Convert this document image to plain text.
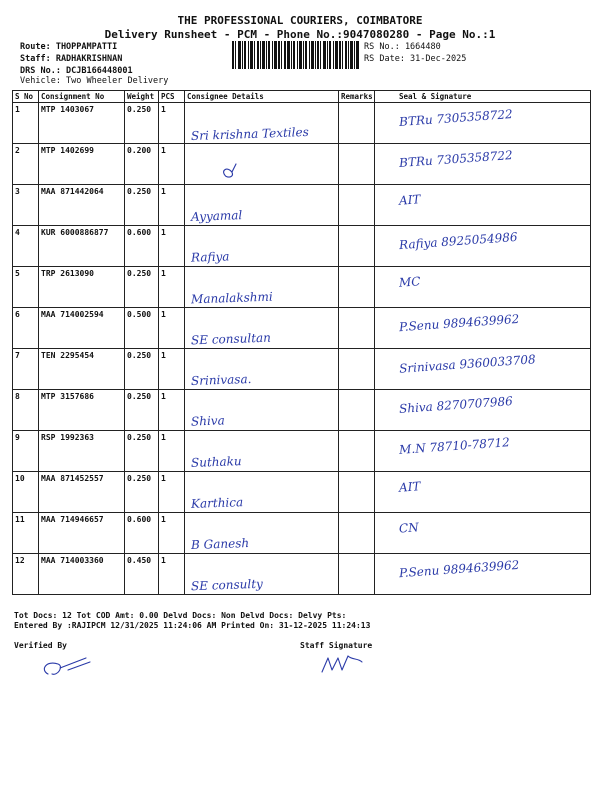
THE PROFESSIONAL COURIERS, COIMBATORE
Delivery Runsheet - PCM - Phone No.:9047080280 - Page No.:1
Route: THOPPAMPATTI
Staff: RADHAKRISHNAN
DRS No.: DCJB166448001
Vehicle: Two Wheeler Delivery
RS No.: 1664480
RS Date: 31-Dec-2025
S No	Consignment No	Weight	PCS	Consignee Details	Remarks	Seal & Signature
1	MTP 1403067	0.250	1	Sri krishna Textiles		BTRu 7305358722

2	MTP 1402699	0.200	1			BTRu 7305358722

3	MAA 871442064	0.250	1	Ayyamal		AIT

4	KUR 6000886877	0.600	1	Rafiya		Rafiya 8925054986

5	TRP 2613090	0.250	1	Manalakshmi		MC

6	MAA 714002594	0.500	1	SE consultan		P.Senu 9894639962

7	TEN 2295454	0.250	1	Srinivasa.		Srinivasa 9360033708

8	MTP 3157686	0.250	1	Shiva		Shiva 8270707986

9	RSP 1992363	0.250	1	Suthaku		M.N 78710-78712

10	MAA 871452557	0.250	1	Karthica		AIT

11	MAA 714946657	0.600	1	B Ganesh		CN

12	MAA 714003360	0.450	1	SE consulty		P.Senu 9894639962
Tot Docs: 12 Tot COD Amt: 0.00 Delvd Docs: Non Delvd Docs: Delvy Pts:
Entered By :RAJIPCM 12/31/2025 11:24:06 AM Printed On: 31-12-2025 11:24:13
Verified By	Staff Signature
